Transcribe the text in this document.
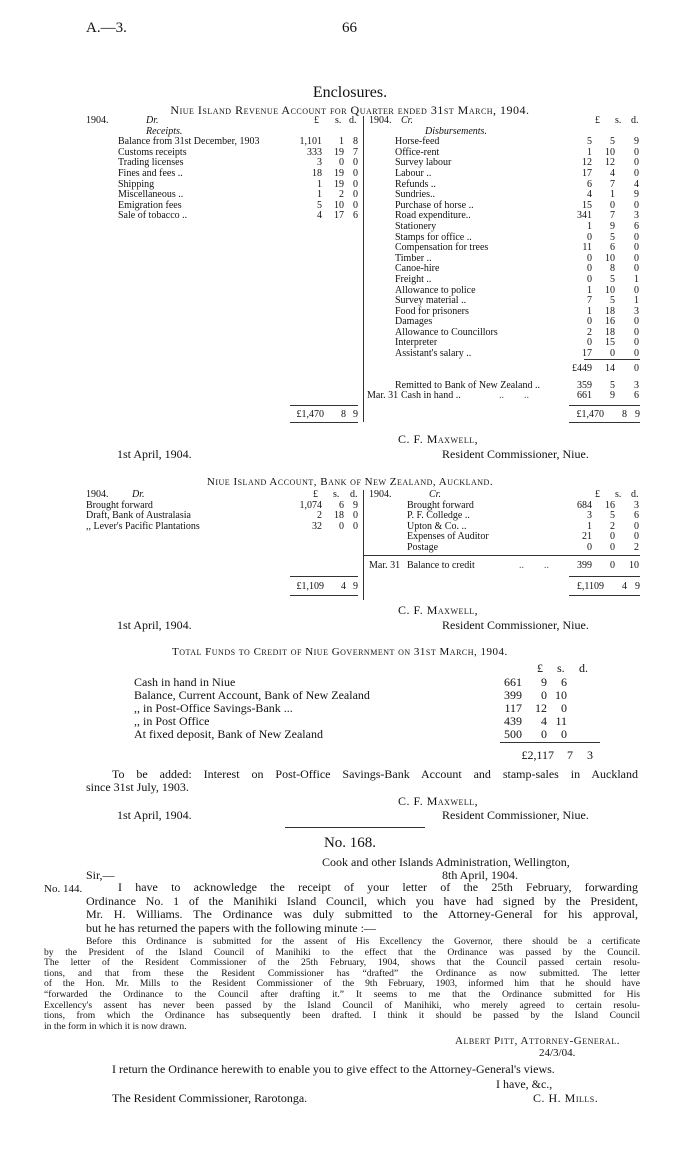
A.—3.	66
Enclosures.
Niue Island Revenue Account for Quarter ended 31st March, 1904.
1904.	Dr.	£ s. d.
Receipts.
Balance from 31st December, 1903	1,101 1 8
Customs receipts	333 19 7
Trading licenses	3 0 0
Fines and fees ..	18 19 0
Shipping	1 19 0
Miscellaneous ..	1 2 0
Emigration fees	5 10 0
Sale of tobacco ..	4 17 6
1904. Cr.	£ s. d.
Disbursements.
Horse-feed	5 5 9
Office-rent	1 10 0
Survey labour	12 12 0
Labour ..	17 4 0
Refunds ..	6 7 4
Sundries..	4 1 9
Purchase of horse ..	15 0 0
Road expenditure..	341 7 3
Stationery	1 9 6
Stamps for office ..	0 5 0
Compensation for trees	11 6 0
Timber ..	0 10 0
Canoe-hire	0 8 0
Freight ..	0 5 1
Allowance to police	1 10 0
Survey material ..	7 5 1
Food for prisoners	1 18 3
Damages	0 16 0
Allowance to Councillors	2 18 0
Interpreter	0 15 0
Assistant's salary ..	17 0 0
£449 14 0
Remitted to Bank of New Zealand ..	359 5 3
Mar. 31 Cash in hand ..	..        ..	661 9 6
£1,470 8 9	£1,470 8 9
C. F. Maxwell,
1st April, 1904.	Resident Commissioner, Niue.
Niue Island Account, Bank of New Zealand, Auckland.
1904. Dr.	£ s. d.
Brought forward	1,074 6 9
Draft, Bank of Australasia	2 18 0
,, Lever's Pacific Plantations	32 0 0
1904.	Cr.	£ s. d.
Brought forward	684 16 3
P. F. Colledge ..	3 5 6
Upton & Co. ..	1 2 0
Expenses of Auditor	21 0 0
Postage	0 0 2
Mar. 31 Balance to credit	..        ..	399 0 10
£1,109 4 9	£,1109 4 9
C. F. Maxwell,
1st April, 1904.	Resident Commissioner, Niue.
Total Funds to Credit of Niue Government on 31st March, 1904.
£ s. d.
Cash in hand in Niue	661 9 6
Balance, Current Account, Bank of New Zealand	399 0 10
,, in Post-Office Savings-Bank ...	117 12 0
,, in Post Office	439 4 11
At fixed deposit, Bank of New Zealand	500 0 0
£2,117 7 3
To be added: Interest on Post-Office Savings-Bank Account and stamp-sales in Auckland
since 31st July, 1903.
C. F. Maxwell,
1st April, 1904.	Resident Commissioner, Niue.
No. 168.
Cook and other Islands Administration, Wellington,
Sir,—	8th April, 1904.
No. 144.	I have to acknowledge the receipt of your letter of the 25th February, forwarding
Ordinance No. 1 of the Manihiki Island Council, which you have had signed by the President,
Mr. H. Williams. The Ordinance was duly submitted to the Attorney-General for his approval,
but he has returned the papers with the following minute :—
Before this Ordinance is submitted for the assent of His Excellency the Governor, there should be a certificate
by the President of the Island Council of Manihiki to the effect that the Ordinance was passed by the Council.
The letter of the Resident Commissioner of the 25th February, 1904, shows that the Council passed certain resolu-
tions, and that from these the Resident Commissioner has “drafted” the Ordinance as now submitted. The letter
of the Hon. Mr. Mills to the Resident Commissioner of the 9th February, 1903, informed him that he should have
“forwarded the Ordinance to the Council after drafting it.” It seems to me that the Ordinance submitted for His
Excellency's assent has never been passed by the Island Council of Manihiki, who merely agreed to certain resolu-
tions, from which the Ordinance has subsequently been drafted. I think it should be passed by the Island Council
in the form in which it is now drawn.
Albert Pitt, Attorney-General.
24/3/04.
I return the Ordinance herewith to enable you to give effect to the Attorney-General's views.
I have, &c.,
The Resident Commissioner, Rarotonga.	C. H. Mills.
